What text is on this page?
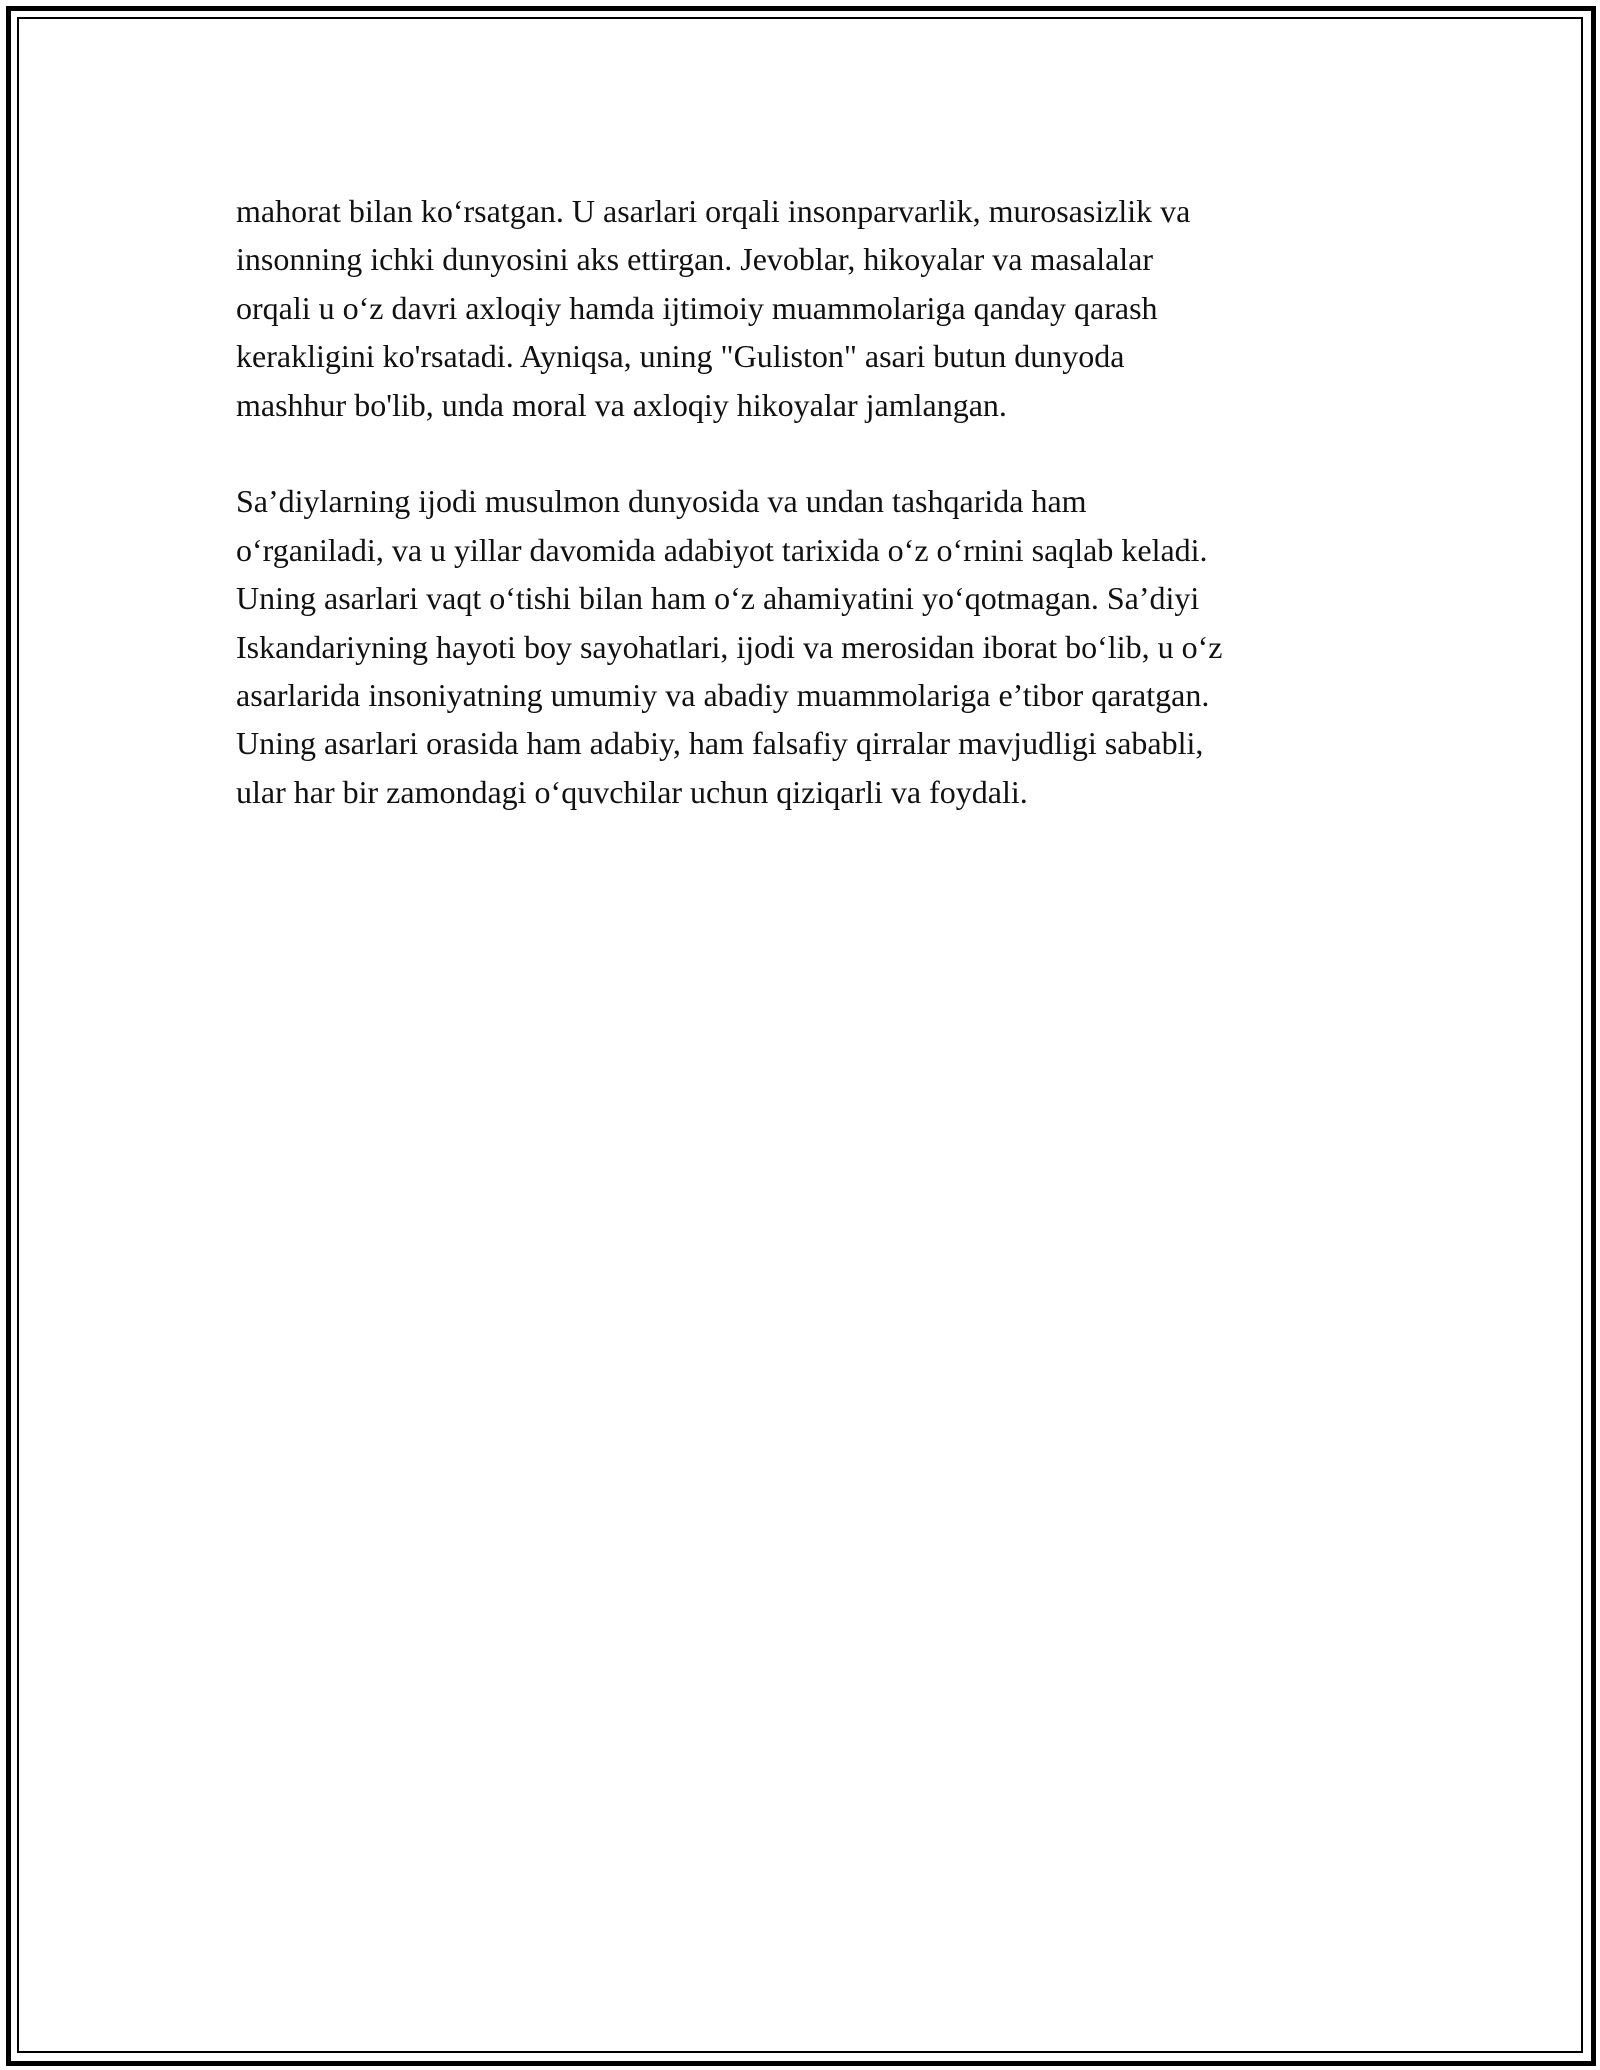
mahorat bilan ko‘rsatgan. U asarlari orqali insonparvarlik, murosasizlik va
insonning ichki dunyosini aks ettirgan. Jevoblar, hikoyalar va masalalar
orqali u o‘z davri axloqiy hamda ijtimoiy muammolariga qanday qarash
kerakligini ko'rsatadi. Ayniqsa, uning "Guliston" asari butun dunyoda
mashhur bo'lib, unda moral va axloqiy hikoyalar jamlangan.
Sa’diylarning ijodi musulmon dunyosida va undan tashqarida ham
o‘rganiladi, va u yillar davomida adabiyot tarixida o‘z o‘rnini saqlab keladi.
Uning asarlari vaqt o‘tishi bilan ham o‘z ahamiyatini yo‘qotmagan. Sa’diyi
Iskandariyning hayoti boy sayohatlari, ijodi va merosidan iborat bo‘lib, u o‘z
asarlarida insoniyatning umumiy va abadiy muammolariga e’tibor qaratgan.
Uning asarlari orasida ham adabiy, ham falsafiy qirralar mavjudligi sababli,
ular har bir zamondagi o‘quvchilar uchun qiziqarli va foydali.
